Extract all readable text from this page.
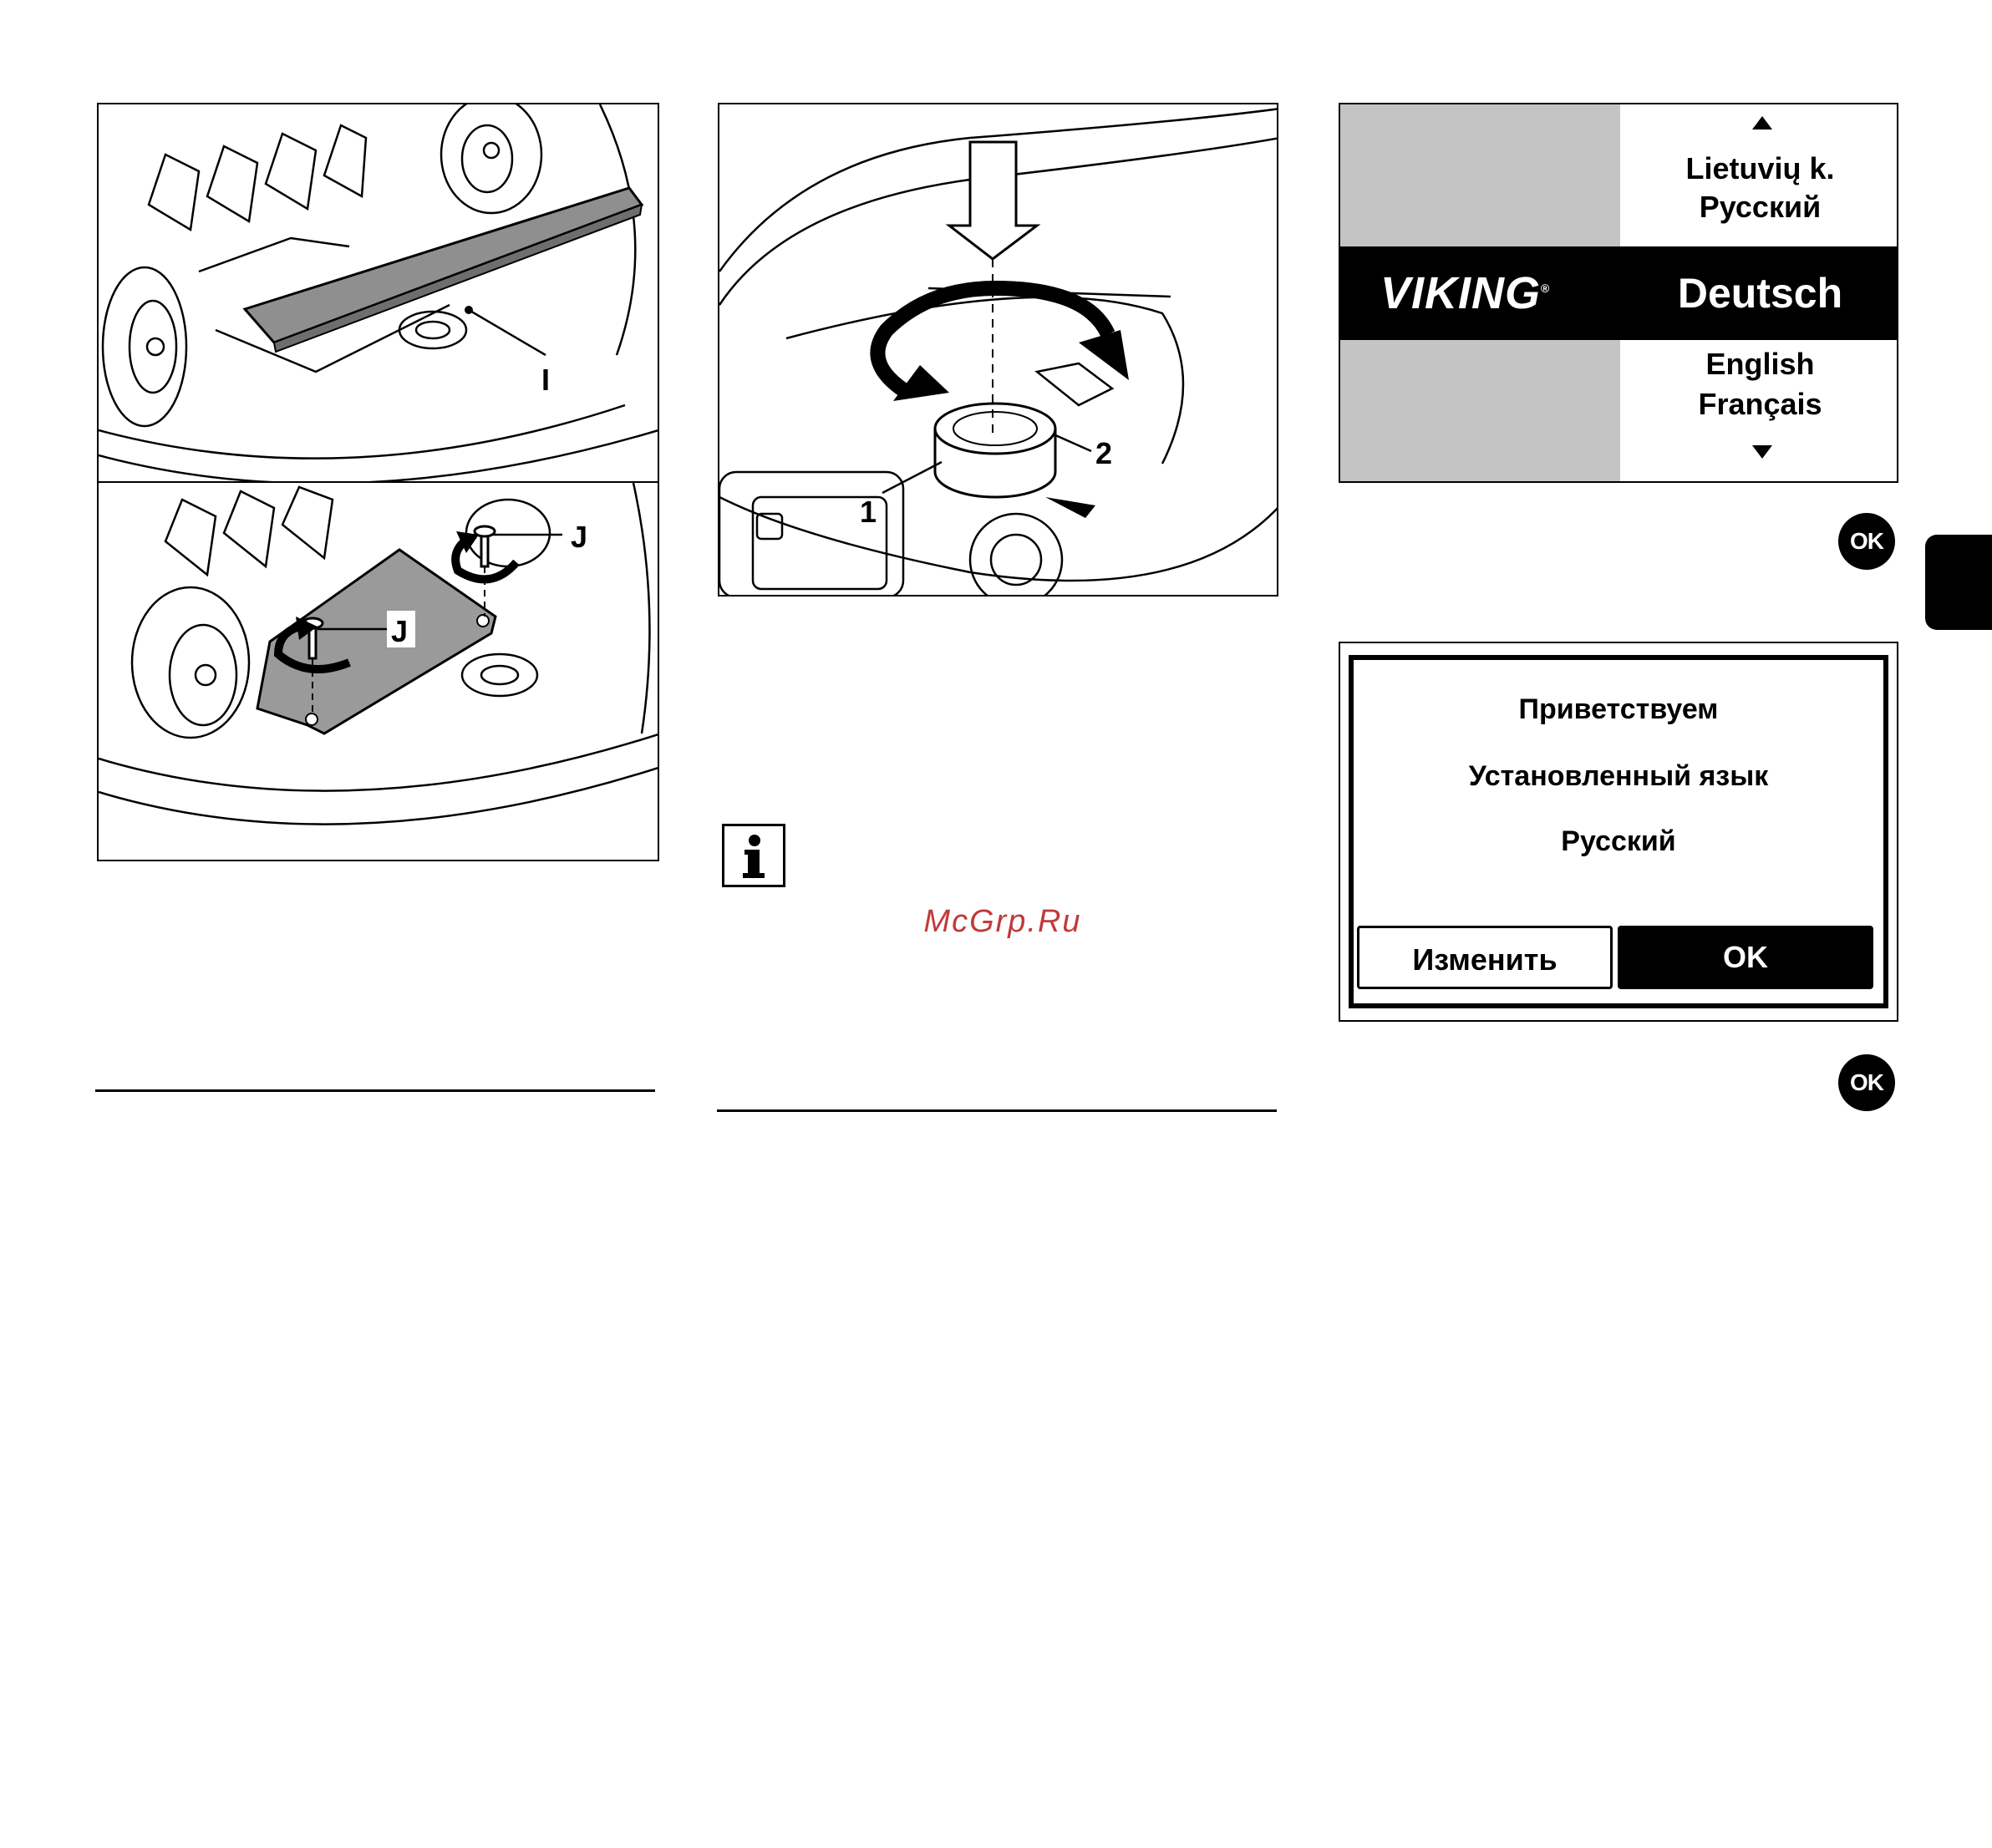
I
J
J
1
2
VIKING®
Lietuvių k.
Русский
Deutsch
English
Français
OK
Приветствуем
Установленный язык
Русский
Изменить	OK
OK
McGrp.Ru
